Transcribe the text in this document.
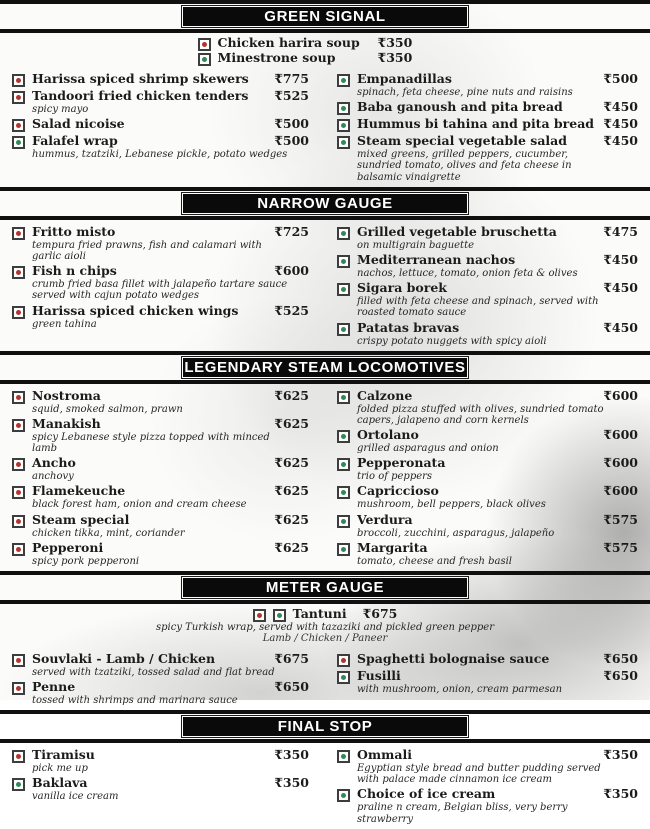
GREEN SIGNAL
Chicken harira soup	₹350
Minestrone soup	₹350
Harissa spiced shrimp skewers	₹775
Tandoori fried chicken tenders	₹525
spicy mayo
Salad nicoise	₹500
Falafel wrap	₹500
hummus, tzatziki, Lebanese pickle, potato wedges
Empanadillas	₹500
spinach, feta cheese, pine nuts and raisins
Baba ganoush and pita bread	₹450
Hummus bi tahina and pita bread ₹450
Steam special vegetable salad	₹450
mixed greens, grilled peppers, cucumber, sundried tomato, olives and feta cheese in balsamic vinaigrette
NARROW GAUGE
Fritto misto	₹725
tempura fried prawns, fish and calamari with garlic aioli
Fish n chips	₹600
crumb fried basa fillet with jalapeño tartare sauce served with cajun potato wedges
Harissa spiced chicken wings	₹525
green tahina
Grilled vegetable bruschetta	₹475
on multigrain baguette
Mediterranean nachos	₹450
nachos, lettuce, tomato, onion feta & olives
Sigara borek	₹450
filled with feta cheese and spinach, served with roasted tomato sauce
Patatas bravas	₹450
crispy potato nuggets with spicy aioli
LEGENDARY STEAM LOCOMOTIVES
Nostroma	₹625
squid, smoked salmon, prawn
Manakish	₹625
spicy Lebanese style pizza topped with minced lamb
Ancho	₹625
anchovy
Flamekeuche	₹625
black forest ham, onion and cream cheese
Steam special	₹625
chicken tikka, mint, coriander
Pepperoni	₹625
spicy pork pepperoni
Calzone	₹600
folded pizza stuffed with olives, sundried tomato capers, jalapeno and corn kernels
Ortolano	₹600
grilled asparagus and onion
Pepperonata	₹600
trio of peppers
Capriccioso	₹600
mushroom, bell peppers, black olives
Verdura	₹575
broccoli, zucchini, asparagus, jalapeño
Margarita	₹575
tomato, cheese and fresh basil
METER GAUGE
Tantuni ₹675
spicy Turkish wrap, served with tazaziki and pickled green pepper
Lamb / Chicken / Paneer
Souvlaki - Lamb / Chicken	₹675
served with tzatziki, tossed salad and flat bread
Penne	₹650
tossed with shrimps and marinara sauce
Spaghetti bolognaise sauce	₹650
Fusilli	₹650
with mushroom, onion, cream parmesan
FINAL STOP
Tiramisu	₹350
pick me up
Baklava	₹350
vanilla ice cream
Ommali	₹350
Egyptian style bread and butter pudding served with palace made cinnamon ice cream
Choice of ice cream	₹350
praline n cream, Belgian bliss, very berry strawberry
